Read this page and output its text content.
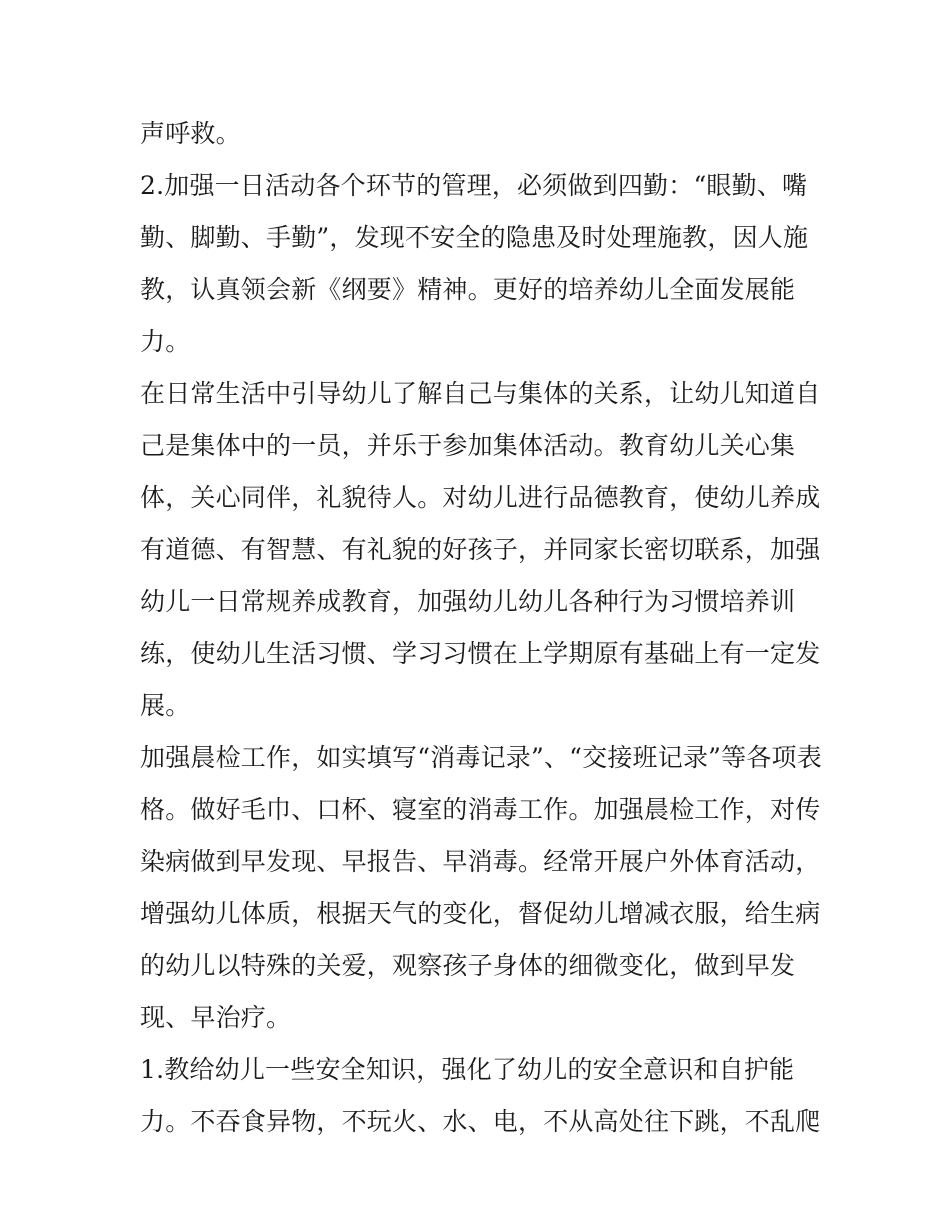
声呼救。
2.加强一日活动各个环节的管理，必须做到四勤：“眼勤、嘴
勤、脚勤、手勤”，发现不安全的隐患及时处理施教，因人施
教，认真领会新《纲要》精神。更好的培养幼儿全面发展能
力。
在日常生活中引导幼儿了解自己与集体的关系，让幼儿知道自
己是集体中的一员，并乐于参加集体活动。教育幼儿关心集
体，关心同伴，礼貌待人。对幼儿进行品德教育，使幼儿养成
有道德、有智慧、有礼貌的好孩子，并同家长密切联系，加强
幼儿一日常规养成教育，加强幼儿幼儿各种行为习惯培养训
练，使幼儿生活习惯、学习习惯在上学期原有基础上有一定发
展。
加强晨检工作，如实填写“消毒记录”、“交接班记录”等各项表
格。做好毛巾、口杯、寝室的消毒工作。加强晨检工作，对传
染病做到早发现、早报告、早消毒。经常开展户外体育活动，
增强幼儿体质，根据天气的变化，督促幼儿增减衣服，给生病
的幼儿以特殊的关爱，观察孩子身体的细微变化，做到早发
现、早治疗。
1.教给幼儿一些安全知识，强化了幼儿的安全意识和自护能
力。不吞食异物，不玩火、水、电，不从高处往下跳，不乱爬
